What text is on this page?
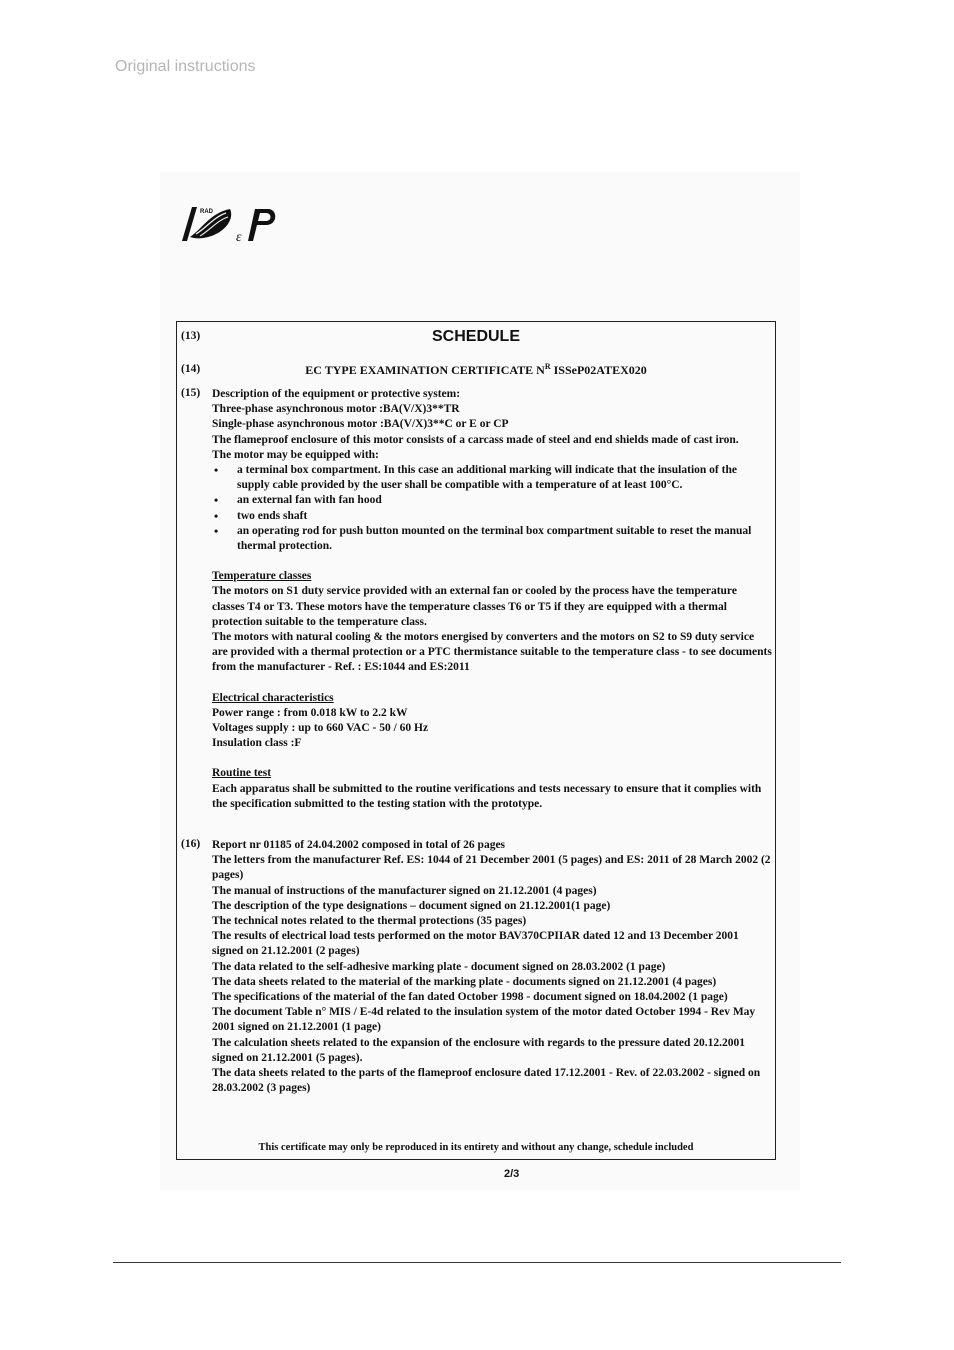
Original instructions
RAD
ε
(13)	SCHEDULE
(14)	EC TYPE EXAMINATION CERTIFICATE $N^R$ ISSeP02ATEX020
(15) Description of the equipment or protective system:

Three-phase asynchronous motor :BA(V/X)3**TR

Single-phase asynchronous motor :BA(V/X)3**C or E or CP

The flameproof enclosure of this motor consists of a carcass made of steel and end shields made of cast iron.

The motor may be equipped with:

• a terminal box compartment. In this case an additional marking will indicate that the insulation of the supply cable provided by the user shall be compatible with a temperature of at least 100°C.
• an external fan with fan hood
• two ends shaft
• an operating rod for push button mounted on the terminal box compartment suitable to reset the manual thermal protection.

Temperature classes

The motors on S1 duty service provided with an external fan or cooled by the process have the temperature classes T4 or T3. These motors have the temperature classes T6 or T5 if they are equipped with a thermal protection suitable to the temperature class.

The motors with natural cooling & the motors energised by converters and the motors on S2 to S9 duty service are provided with a thermal protection or a PTC thermistance suitable to the temperature class - to see documents from the manufacturer - Ref. : ES:1044 and ES:2011

Electrical characteristics

Power range : from 0.018 kW to 2.2 kW

Voltages supply : up to 660 VAC - 50 / 60 Hz

Insulation class :F

Routine test

Each apparatus shall be submitted to the routine verifications and tests necessary to ensure that it complies with the specification submitted to the testing station with the prototype.

(16) Report nr 01185 of 24.04.2002 composed in total of 26 pages

The letters from the manufacturer Ref. ES: 1044 of 21 December 2001 (5 pages) and ES: 2011 of 28 March 2002 (2 pages)

The manual of instructions of the manufacturer signed on 21.12.2001 (4 pages)

The description of the type designations – document signed on 21.12.2001(1 page)

The technical notes related to the thermal protections (35 pages)

The results of electrical load tests performed on the motor BAV370CPIIAR dated 12 and 13 December 2001 signed on 21.12.2001 (2 pages)

The data related to the self-adhesive marking plate - document signed on 28.03.2002 (1 page)

The data sheets related to the material of the marking plate - documents signed on 21.12.2001 (4 pages)

The specifications of the material of the fan dated October 1998 - document signed on 18.04.2002 (1 page)

The document Table n° MIS / E-4d related to the insulation system of the motor dated October 1994 - Rev May 2001 signed on 21.12.2001 (1 page)

The calculation sheets related to the expansion of the enclosure with regards to the pressure dated 20.12.2001 signed on 21.12.2001 (5 pages).

The data sheets related to the parts of the flameproof enclosure dated 17.12.2001 - Rev. of 22.03.2002 - signed on 28.03.2002 (3 pages)

This certificate may only be reproduced in its entirety and without any change, schedule included
2/3
